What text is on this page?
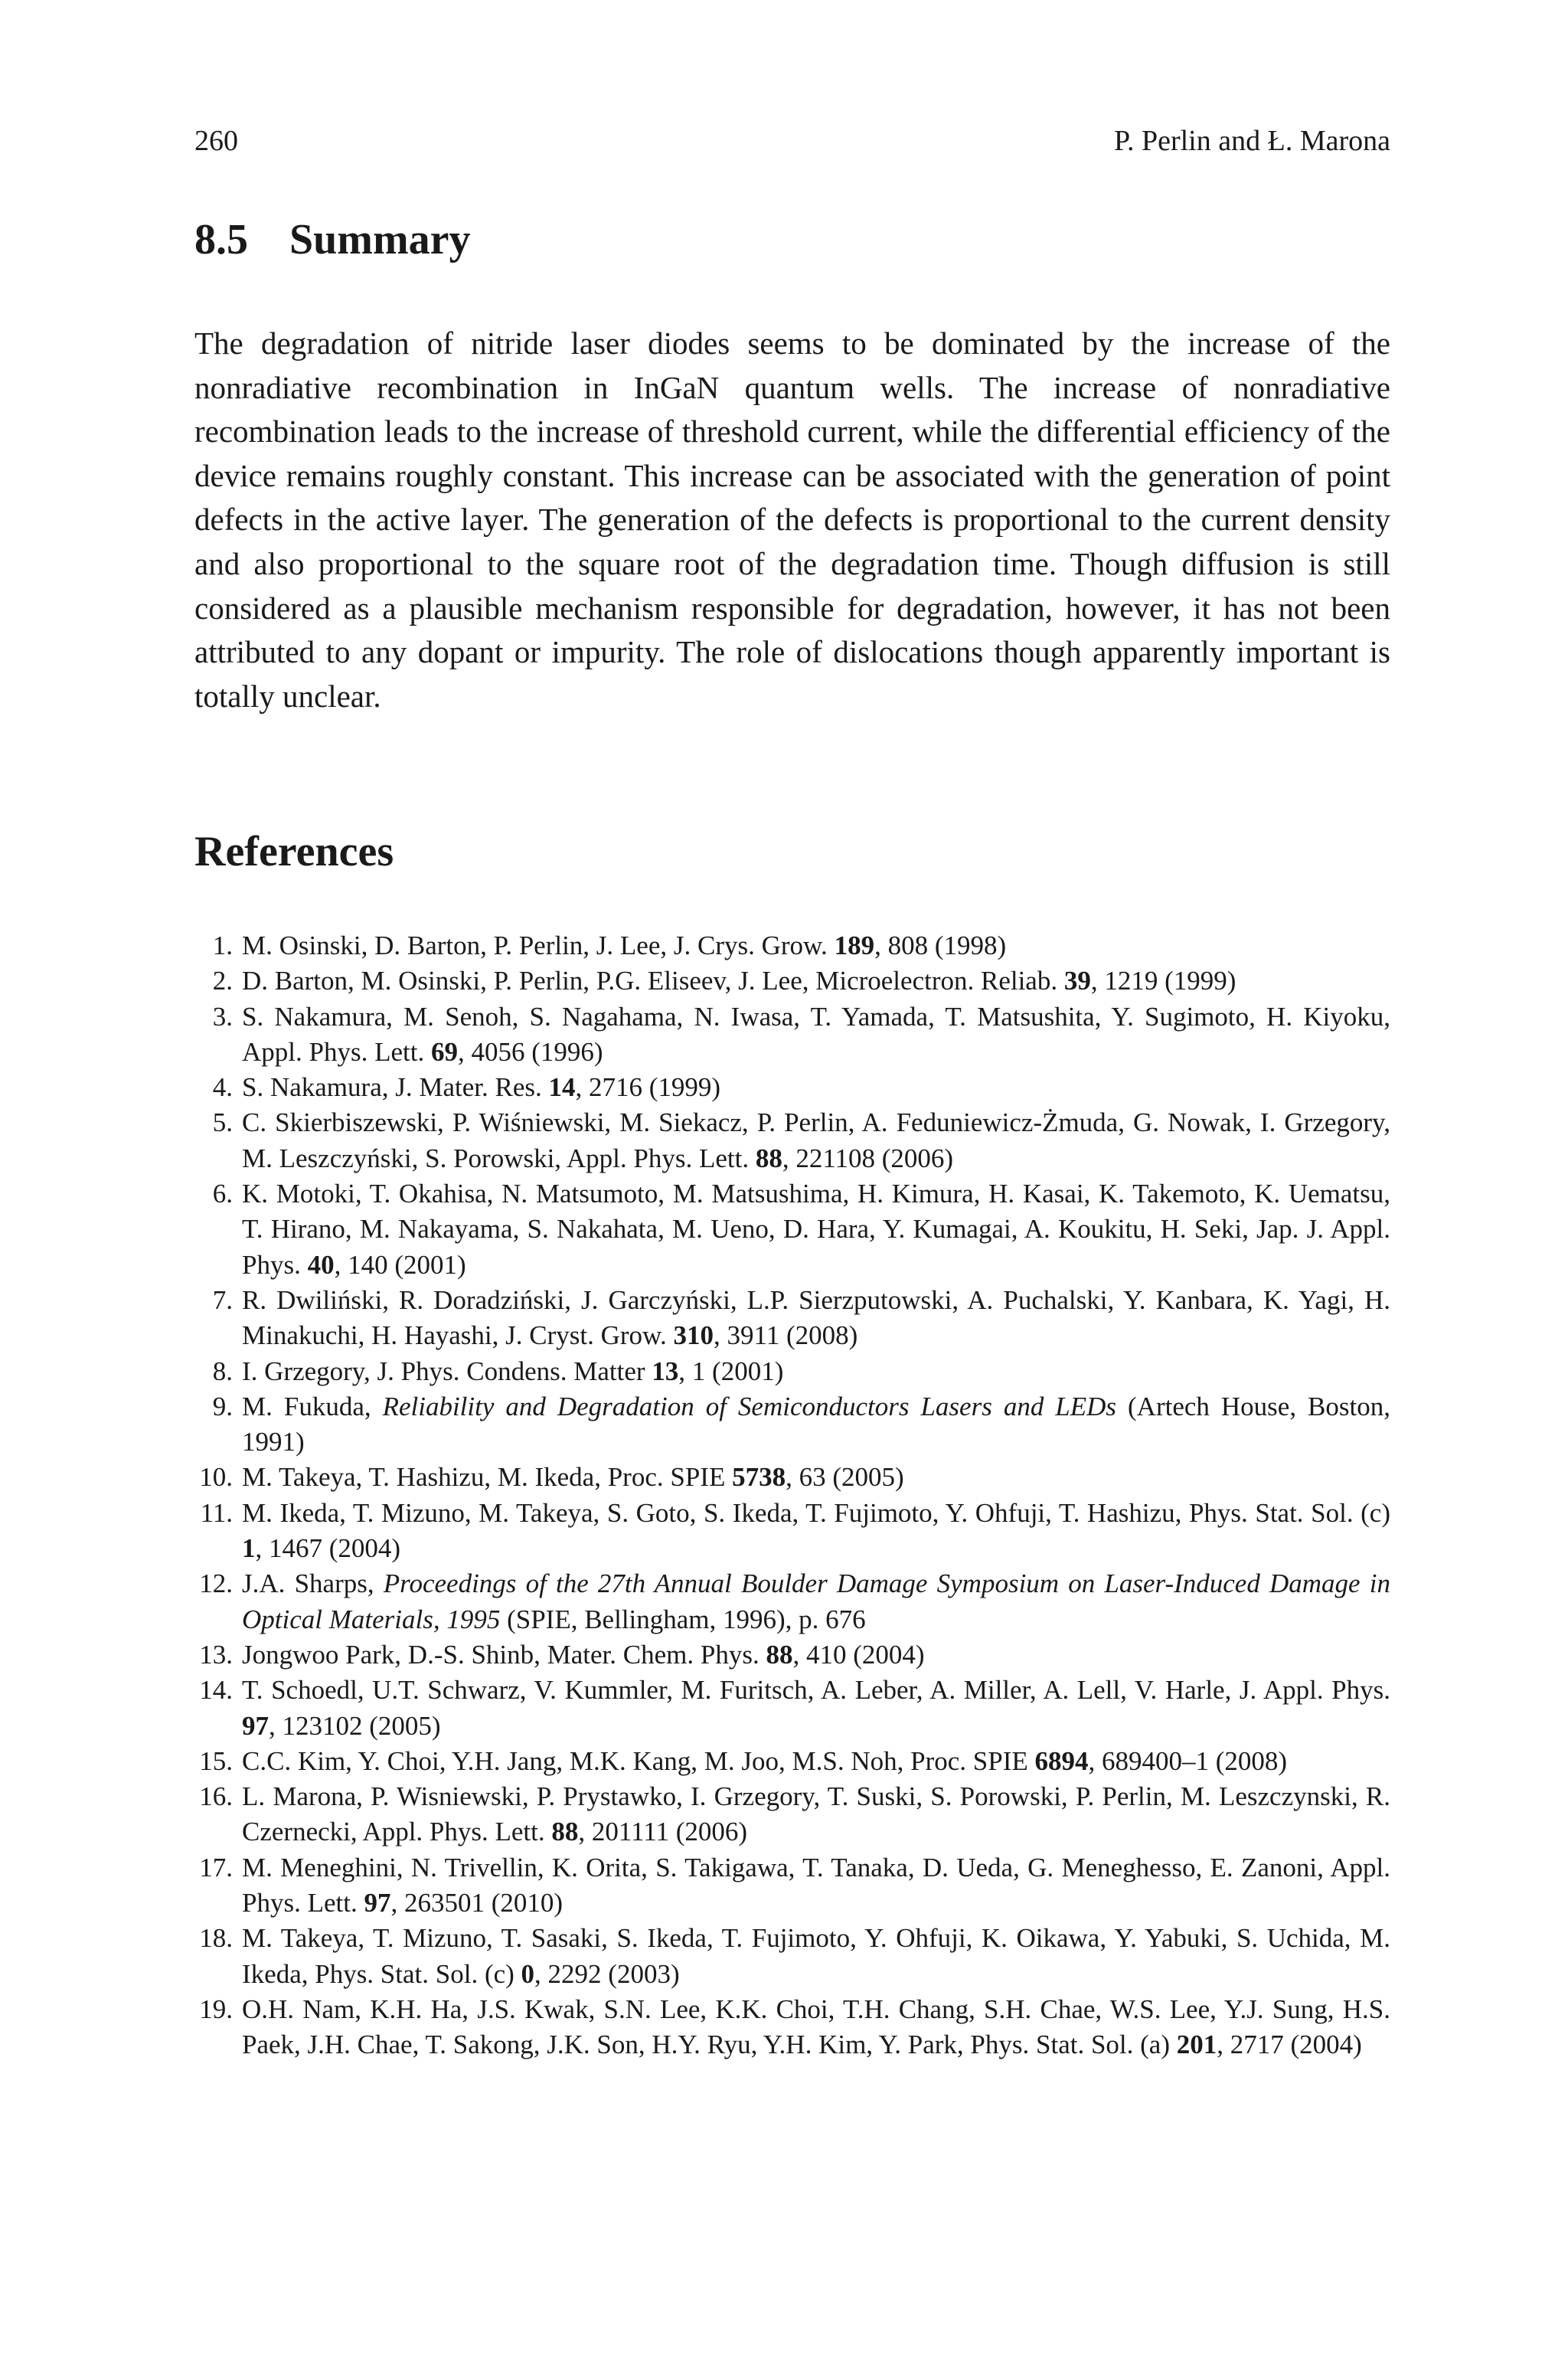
260	P. Perlin and Ł. Marona
8.5 Summary

The degradation of nitride laser diodes seems to be dominated by the increase of the nonradiative recombination in InGaN quantum wells. The increase of nonradiative recombination leads to the increase of threshold current, while the differential efficiency of the device remains roughly constant. This increase can be associated with the generation of point defects in the active layer. The generation of the defects is proportional to the current density and also proportional to the square root of the degradation time. Though diffusion is still considered as a plausible mechanism responsible for degradation, however, it has not been attributed to any dopant or impurity. The role of dislocations though apparently important is totally unclear.

References
1. M. Osinski, D. Barton, P. Perlin, J. Lee, J. Crys. Grow. 189, 808 (1998)
2. D. Barton, M. Osinski, P. Perlin, P.G. Eliseev, J. Lee, Microelectron. Reliab. 39, 1219 (1999)
3. S. Nakamura, M. Senoh, S. Nagahama, N. Iwasa, T. Yamada, T. Matsushita, Y. Sugimoto, H. Kiyoku, Appl. Phys. Lett. 69, 4056 (1996)
4. S. Nakamura, J. Mater. Res. 14, 2716 (1999)
5. C. Skierbiszewski, P. Wiśniewski, M. Siekacz, P. Perlin, A. Feduniewicz-Żmuda, G. Nowak, I. Grzegory, M. Leszczyński, S. Porowski, Appl. Phys. Lett. 88, 221108 (2006)
6. K. Motoki, T. Okahisa, N. Matsumoto, M. Matsushima, H. Kimura, H. Kasai, K. Takemoto, K. Uematsu, T. Hirano, M. Nakayama, S. Nakahata, M. Ueno, D. Hara, Y. Kumagai, A. Koukitu, H. Seki, Jap. J. Appl. Phys. 40, 140 (2001)
7. R. Dwiliński, R. Doradziński, J. Garczyński, L.P. Sierzputowski, A. Puchalski, Y. Kanbara, K. Yagi, H. Minakuchi, H. Hayashi, J. Cryst. Grow. 310, 3911 (2008)
8. I. Grzegory, J. Phys. Condens. Matter 13, 1 (2001)
9. M. Fukuda, Reliability and Degradation of Semiconductors Lasers and LEDs (Artech House, Boston, 1991)
10. M. Takeya, T. Hashizu, M. Ikeda, Proc. SPIE 5738, 63 (2005)
11. M. Ikeda, T. Mizuno, M. Takeya, S. Goto, S. Ikeda, T. Fujimoto, Y. Ohfuji, T. Hashizu, Phys. Stat. Sol. (c) 1, 1467 (2004)
12. J.A. Sharps, Proceedings of the 27th Annual Boulder Damage Symposium on Laser-Induced Damage in Optical Materials, 1995 (SPIE, Bellingham, 1996), p. 676
13. Jongwoo Park, D.-S. Shinb, Mater. Chem. Phys. 88, 410 (2004)
14. T. Schoedl, U.T. Schwarz, V. Kummler, M. Furitsch, A. Leber, A. Miller, A. Lell, V. Harle, J. Appl. Phys. 97, 123102 (2005)
15. C.C. Kim, Y. Choi, Y.H. Jang, M.K. Kang, M. Joo, M.S. Noh, Proc. SPIE 6894, 689400–1 (2008)
16. L. Marona, P. Wisniewski, P. Prystawko, I. Grzegory, T. Suski, S. Porowski, P. Perlin, M. Leszczynski, R. Czernecki, Appl. Phys. Lett. 88, 201111 (2006)
17. M. Meneghini, N. Trivellin, K. Orita, S. Takigawa, T. Tanaka, D. Ueda, G. Meneghesso, E. Zanoni, Appl. Phys. Lett. 97, 263501 (2010)
18. M. Takeya, T. Mizuno, T. Sasaki, S. Ikeda, T. Fujimoto, Y. Ohfuji, K. Oikawa, Y. Yabuki, S. Uchida, M. Ikeda, Phys. Stat. Sol. (c) 0, 2292 (2003)
19. O.H. Nam, K.H. Ha, J.S. Kwak, S.N. Lee, K.K. Choi, T.H. Chang, S.H. Chae, W.S. Lee, Y.J. Sung, H.S. Paek, J.H. Chae, T. Sakong, J.K. Son, H.Y. Ryu, Y.H. Kim, Y. Park, Phys. Stat. Sol. (a) 201, 2717 (2004)
